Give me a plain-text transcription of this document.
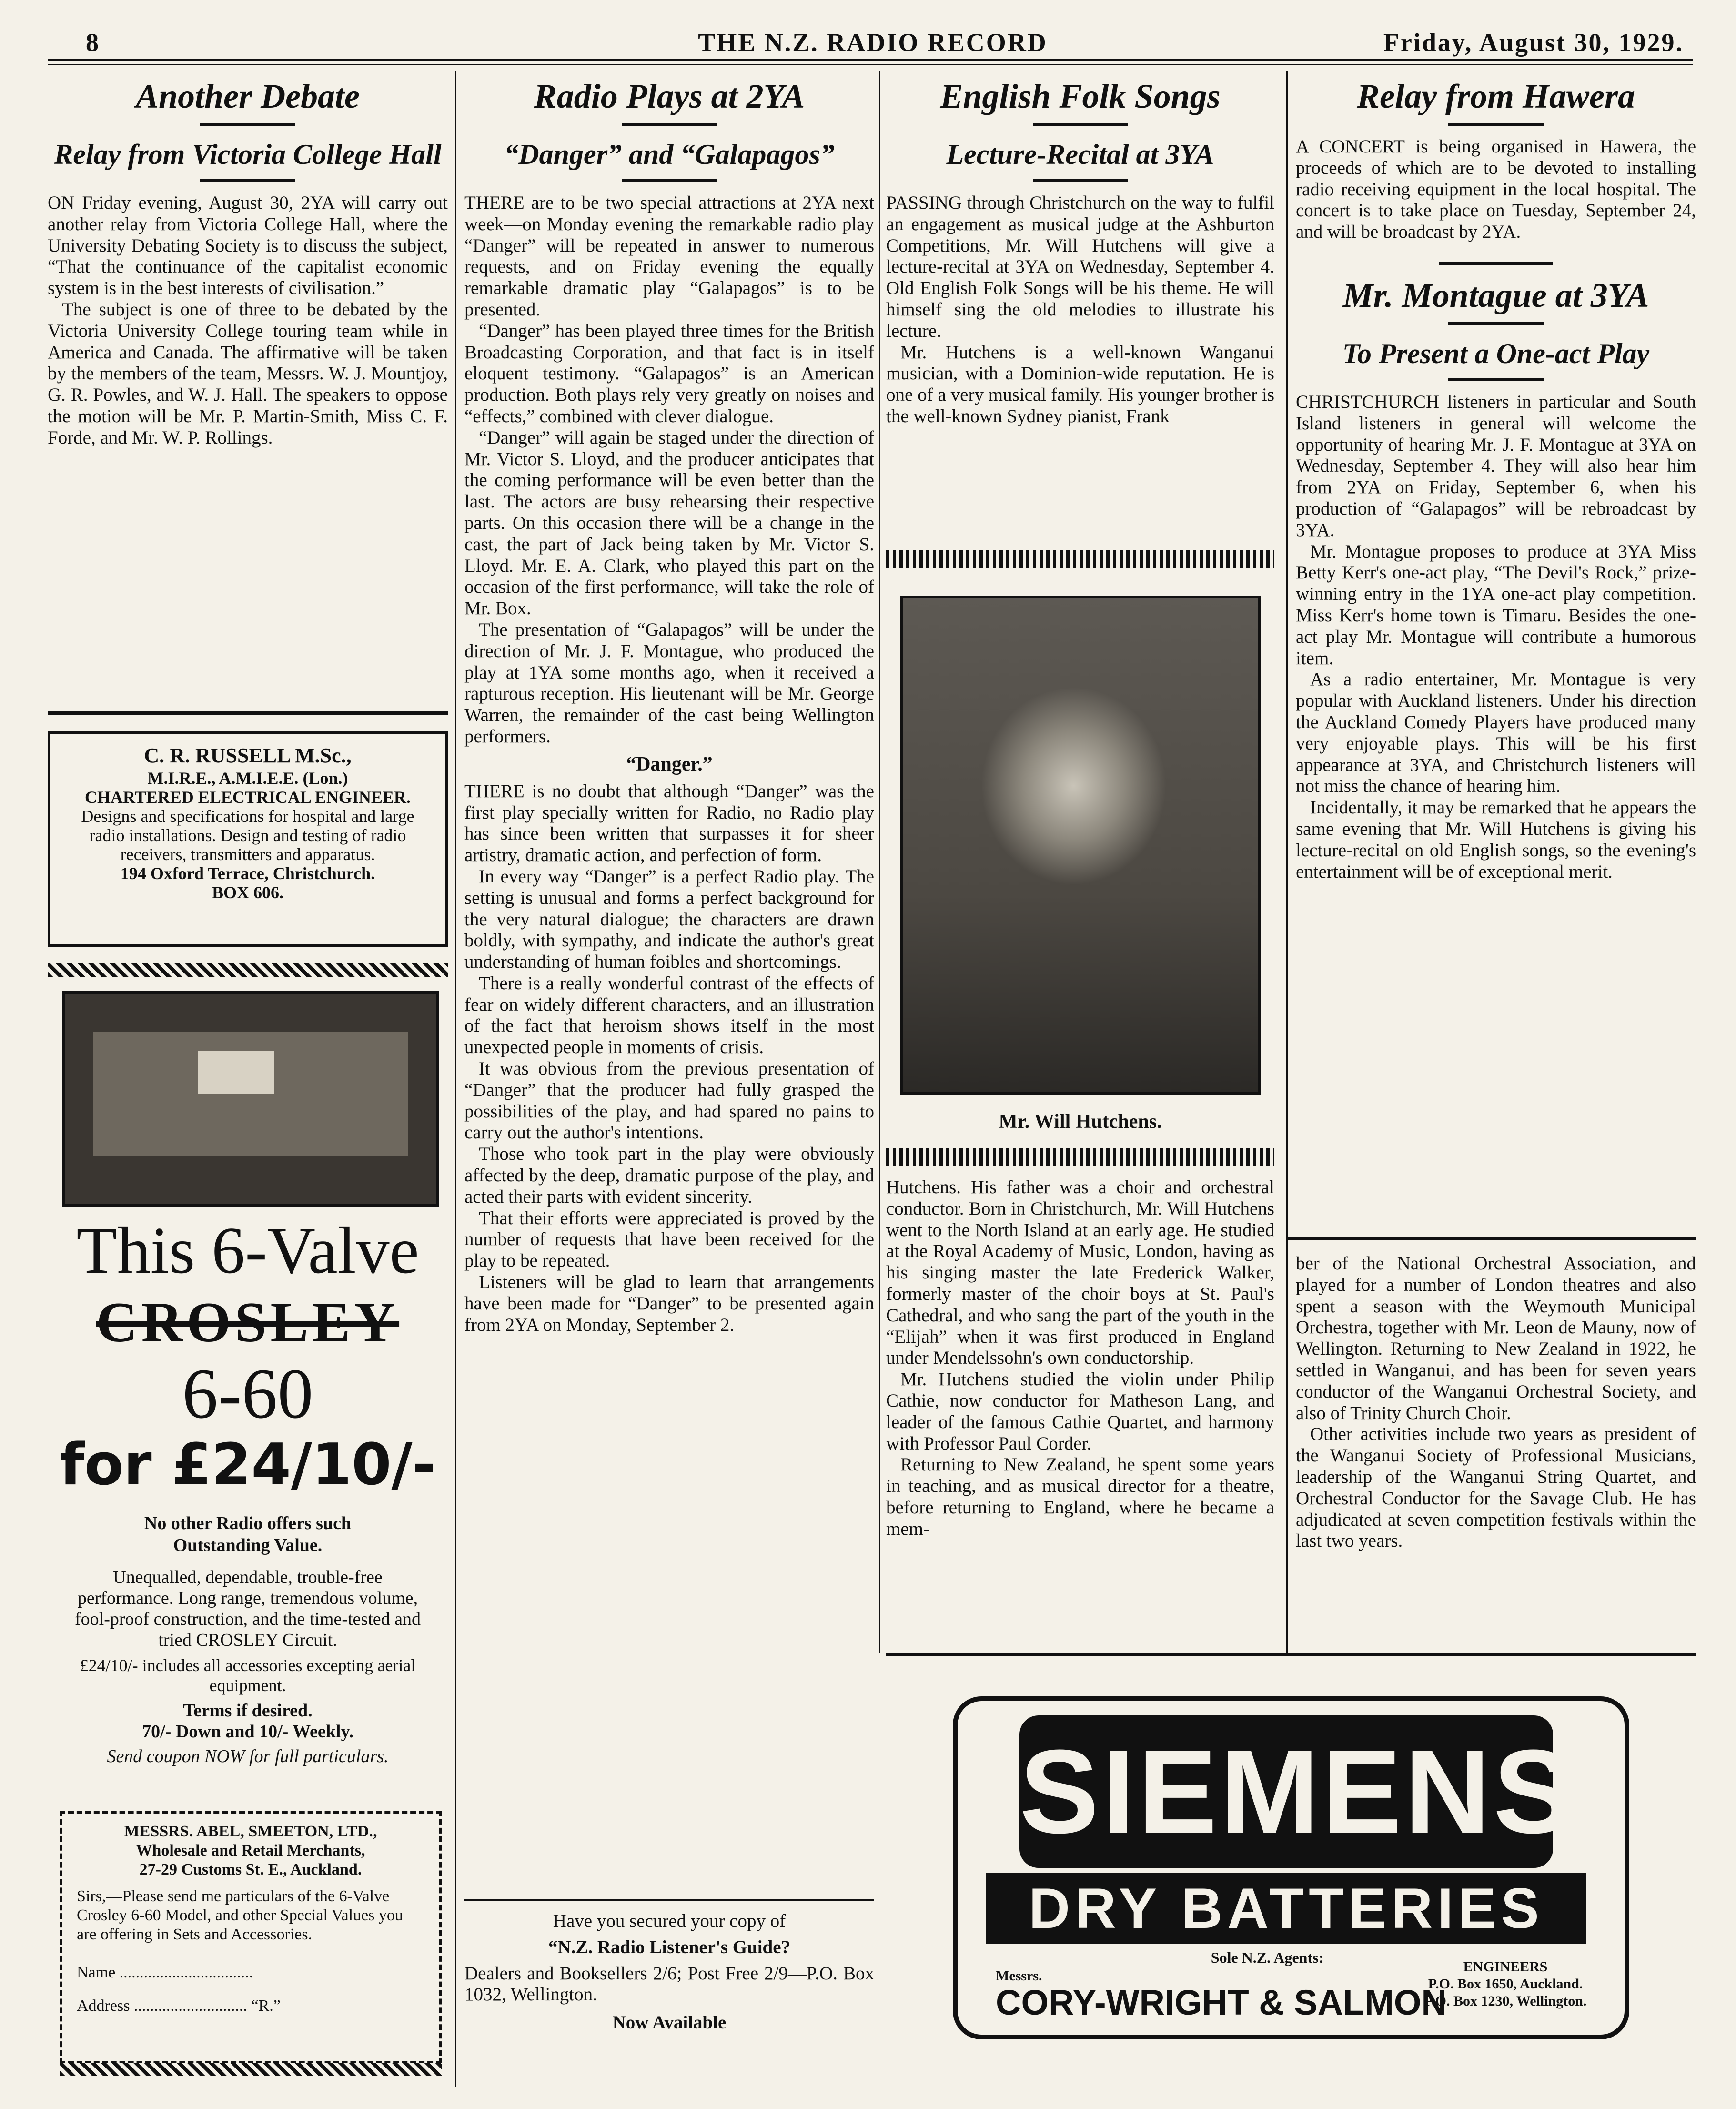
8	THE N.Z. RADIO RECORD	Friday, August 30, 1929.
Another Debate
Relay from Victoria College Hall

ON Friday evening, August 30, 2YA will carry out another relay from Victoria College Hall, where the University Debating Society is to discuss the subject, “That the continuance of the capitalist economic system is in the best interests of civilisation.”

The subject is one of three to be debated by the Victoria University College touring team while in America and Canada. The affirmative will be taken by the members of the team, Messrs. W. J. Mountjoy, G. R. Powles, and W. J. Hall. The speakers to oppose the motion will be Mr. P. Martin-Smith, Miss C. F. Forde, and Mr. W. P. Rollings.

C. R. RUSSELL M.Sc.,
M.I.R.E., A.M.I.E.E. (Lon.)
CHARTERED ELECTRICAL ENGINEER.
Designs and specifications for hospital and large radio installations. Design and testing of radio receivers, transmitters and apparatus.
194 Oxford Terrace, Christchurch.
BOX 606.
This 6-Valve
CROSLEY
6-60
for £24/10/-
No other Radio offers such
Outstanding Value.
Unequalled, dependable, trouble-free performance. Long range, tremendous volume, fool-proof construction, and the time-tested and tried CROSLEY Circuit.
£24/10/- includes all accessories excepting aerial equipment.
Terms if desired.
70/- Down and 10/- Weekly.
Send coupon NOW for full particulars.
MESSRS. ABEL, SMEETON, LTD.,
Wholesale and Retail Merchants,
27-29 Customs St. E., Auckland.
Sirs,—Please send me particulars of the 6-Valve Crosley 6-60 Model, and other Special Values you are offering in Sets and Accessories.
Name .................................
Address ............................ “R.”
Radio Plays at 2YA
“Danger” and “Galapagos”

THERE are to be two special attractions at 2YA next week—on Monday evening the remarkable radio play “Danger” will be repeated in answer to numerous requests, and on Friday evening the equally remarkable dramatic play “Galapagos” is to be presented.

“Danger” has been played three times for the British Broadcasting Corporation, and that fact is in itself eloquent testimony. “Galapagos” is an American production. Both plays rely very greatly on noises and “effects,” combined with clever dialogue.

“Danger” will again be staged under the direction of Mr. Victor S. Lloyd, and the producer anticipates that the coming performance will be even better than the last. The actors are busy rehearsing their respective parts. On this occasion there will be a change in the cast, the part of Jack being taken by Mr. Victor S. Lloyd. Mr. E. A. Clark, who played this part on the occasion of the first performance, will take the role of Mr. Box.

The presentation of “Galapagos” will be under the direction of Mr. J. F. Montague, who produced the play at 1YA some months ago, when it received a rapturous reception. His lieutenant will be Mr. George Warren, the remainder of the cast being Wellington performers.

“Danger.”

THERE is no doubt that although “Danger” was the first play specially written for Radio, no Radio play has since been written that surpasses it for sheer artistry, dramatic action, and perfection of form.

In every way “Danger” is a perfect Radio play. The setting is unusual and forms a perfect background for the very natural dialogue; the characters are drawn boldly, with sympathy, and indicate the author's great understanding of human foibles and shortcomings.

There is a really wonderful contrast of the effects of fear on widely different characters, and an illustration of the fact that heroism shows itself in the most unexpected people in moments of crisis.

It was obvious from the previous presentation of “Danger” that the producer had fully grasped the possibilities of the play, and had spared no pains to carry out the author's intentions.

Those who took part in the play were obviously affected by the deep, dramatic purpose of the play, and acted their parts with evident sincerity.

That their efforts were appreciated is proved by the number of requests that have been received for the play to be repeated.

Listeners will be glad to learn that arrangements have been made for “Danger” to be presented again from 2YA on Monday, September 2.

Have you secured your copy of
“N.Z. Radio Listener's Guide?
Dealers and Booksellers 2/6; Post Free 2/9—P.O. Box 1032, Wellington.
Now Available
English Folk Songs
Lecture-Recital at 3YA

PASSING through Christchurch on the way to fulfil an engagement as musical judge at the Ashburton Competitions, Mr. Will Hutchens will give a lecture-recital at 3YA on Wednesday, September 4. Old English Folk Songs will be his theme. He will himself sing the old melodies to illustrate his lecture.

Mr. Hutchens is a well-known Wanganui musician, with a Dominion-wide reputation. He is one of a very musical family. His younger brother is the well-known Sydney pianist, Frank

Mr. Will Hutchens.

Hutchens. His father was a choir and orchestral conductor. Born in Christchurch, Mr. Will Hutchens went to the North Island at an early age. He studied at the Royal Academy of Music, London, having as his singing master the late Frederick Walker, formerly master of the choir boys at St. Paul's Cathedral, and who sang the part of the youth in the “Elijah” when it was first produced in England under Mendelssohn's own conductorship.

Mr. Hutchens studied the violin under Philip Cathie, now conductor for Matheson Lang, and leader of the famous Cathie Quartet, and harmony with Professor Paul Corder.

Returning to New Zealand, he spent some years in teaching, and as musical director for a theatre, before returning to England, where he became a mem-

Relay from Hawera

A CONCERT is being organised in Hawera, the proceeds of which are to be devoted to installing radio receiving equipment in the local hospital. The concert is to take place on Tuesday, September 24, and will be broadcast by 2YA.

Mr. Montague at 3YA
To Present a One-act Play

CHRISTCHURCH listeners in particular and South Island listeners in general will welcome the opportunity of hearing Mr. J. F. Montague at 3YA on Wednesday, September 4. They will also hear him from 2YA on Friday, September 6, when his production of “Galapagos” will be rebroadcast by 3YA.

Mr. Montague proposes to produce at 3YA Miss Betty Kerr's one-act play, “The Devil's Rock,” prize-winning entry in the 1YA one-act play competition. Miss Kerr's home town is Timaru. Besides the one-act play Mr. Montague will contribute a humorous item.

As a radio entertainer, Mr. Montague is very popular with Auckland listeners. Under his direction the Auckland Comedy Players have produced many very enjoyable plays. This will be his first appearance at 3YA, and Christchurch listeners will not miss the chance of hearing him.

Incidentally, it may be remarked that he appears the same evening that Mr. Will Hutchens is giving his lecture-recital on old English songs, so the evening's entertainment will be of exceptional merit.

ber of the National Orchestral Association, and played for a number of London theatres and also spent a season with the Weymouth Municipal Orchestra, together with Mr. Leon de Mauny, now of Wellington. Returning to New Zealand in 1922, he settled in Wanganui, and has been for seven years conductor of the Wanganui Orchestral Society, and also of Trinity Church Choir.

Other activities include two years as president of the Wanganui Society of Professional Musicians, leadership of the Wanganui String Quartet, and Orchestral Conductor for the Savage Club. He has adjudicated at seven competition festivals within the last two years.

SIEMENS
DRY BATTERIES
Sole N.Z. Agents:
Messrs.
CORY-WRIGHT & SALMON
ENGINEERS
P.O. Box 1650, Auckland.
P.O. Box 1230, Wellington.
